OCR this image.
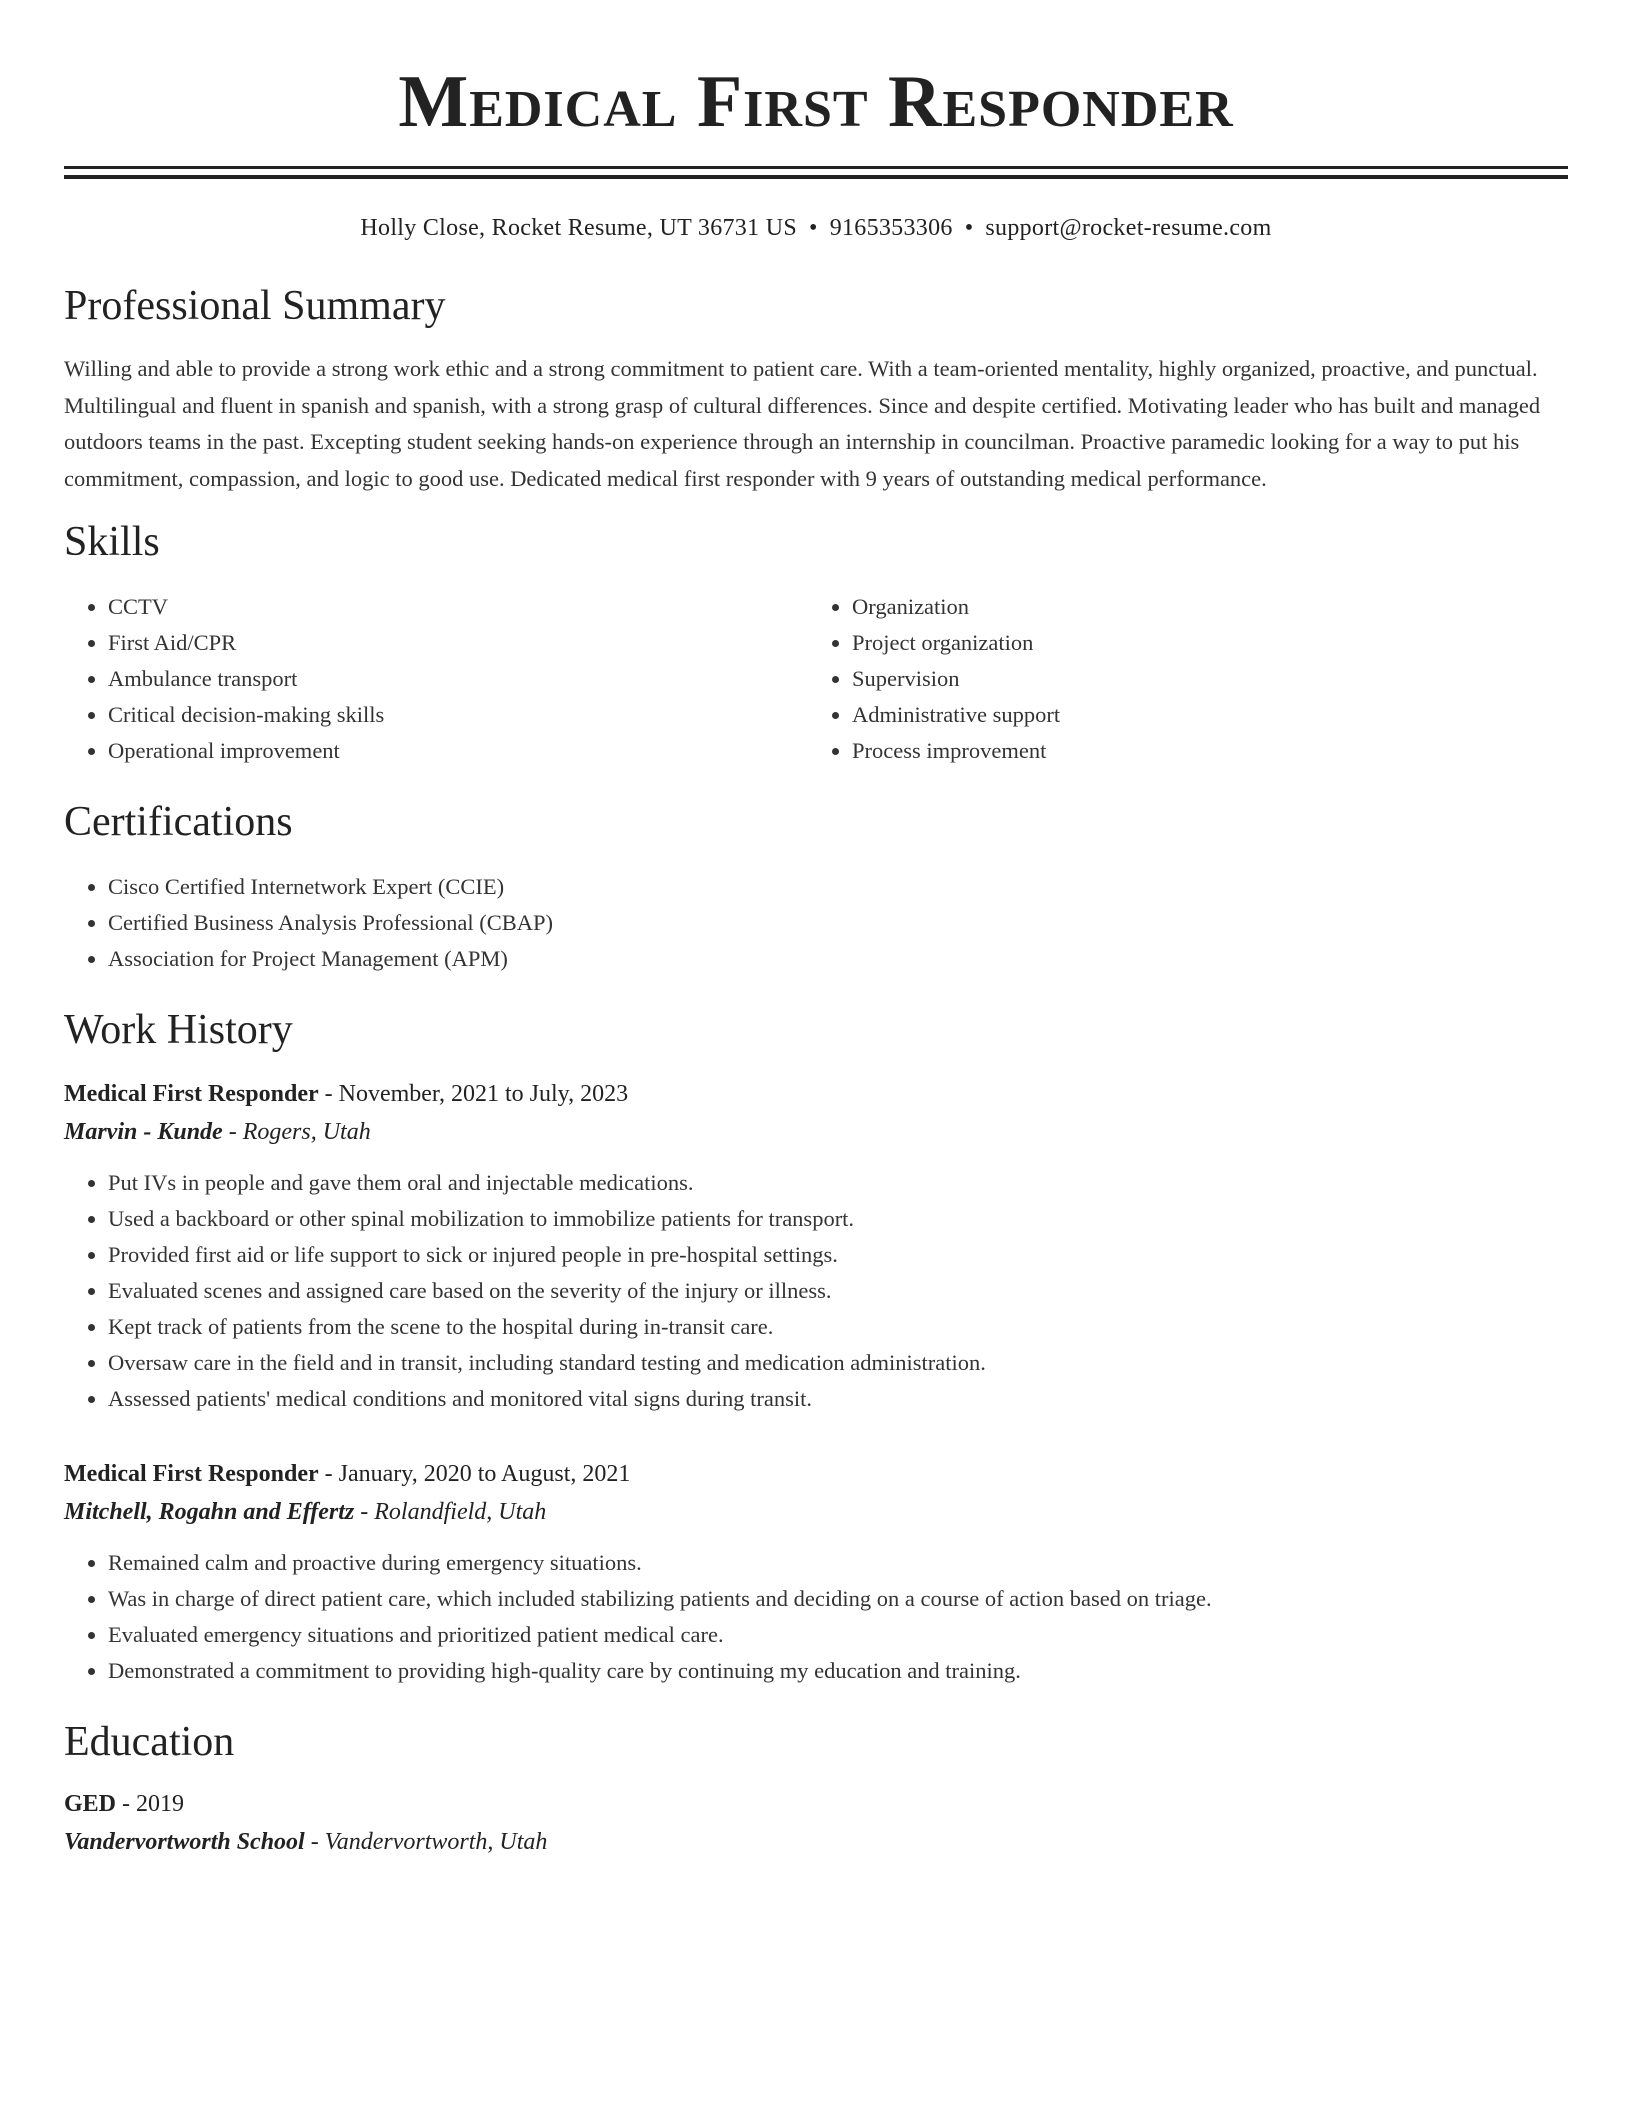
Medical First Responder
Holly Close, Rocket Resume, UT 36731 US • 9165353306 • support@rocket-resume.com
Professional Summary
Willing and able to provide a strong work ethic and a strong commitment to patient care. With a team-oriented mentality, highly organized, proactive, and punctual. Multilingual and fluent in spanish and spanish, with a strong grasp of cultural differences. Since and despite certified. Motivating leader who has built and managed outdoors teams in the past. Excepting student seeking hands-on experience through an internship in councilman. Proactive paramedic looking for a way to put his commitment, compassion, and logic to good use. Dedicated medical first responder with 9 years of outstanding medical performance.
Skills
• CCTV
• First Aid/CPR
• Ambulance transport
• Critical decision-making skills
• Operational improvement
• Organization
• Project organization
• Supervision
• Administrative support
• Process improvement
Certifications
• Cisco Certified Internetwork Expert (CCIE)
• Certified Business Analysis Professional (CBAP)
• Association for Project Management (APM)
Work History
Medical First Responder - November, 2021 to July, 2023
Marvin - Kunde - Rogers, Utah
• Put IVs in people and gave them oral and injectable medications.
• Used a backboard or other spinal mobilization to immobilize patients for transport.
• Provided first aid or life support to sick or injured people in pre-hospital settings.
• Evaluated scenes and assigned care based on the severity of the injury or illness.
• Kept track of patients from the scene to the hospital during in-transit care.
• Oversaw care in the field and in transit, including standard testing and medication administration.
• Assessed patients' medical conditions and monitored vital signs during transit.
Medical First Responder - January, 2020 to August, 2021
Mitchell, Rogahn and Effertz - Rolandfield, Utah
• Remained calm and proactive during emergency situations.
• Was in charge of direct patient care, which included stabilizing patients and deciding on a course of action based on triage.
• Evaluated emergency situations and prioritized patient medical care.
• Demonstrated a commitment to providing high-quality care by continuing my education and training.
Education
GED - 2019
Vandervortworth School - Vandervortworth, Utah
